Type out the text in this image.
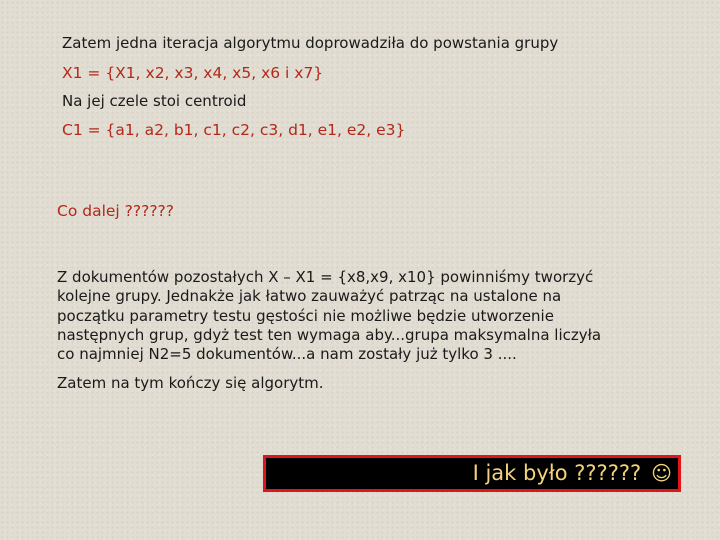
Zatem jedna iteracja algorytmu doprowadziła do powstania grupy
X1 = {X1, x2, x3, x4, x5, x6 i x7}
Na jej czele stoi centroid
C1 = {a1, a2, b1, c1, c2, c3, d1, e1, e2, e3}
Co dalej ??????
Z dokumentów pozostałych X – X1 = {x8,x9, x10} powinniśmy tworzyć
kolejne grupy. Jednakże jak łatwo zauważyć patrząc na ustalone na
początku parametry testu gęstości nie możliwe będzie utworzenie
następnych grup, gdyż test ten wymaga aby...grupa maksymalna liczyła
co najmniej N2=5 dokumentów...a nam zostały już tylko 3 ....
Zatem na tym kończy się algorytm.
I jak było ?????? ☺
